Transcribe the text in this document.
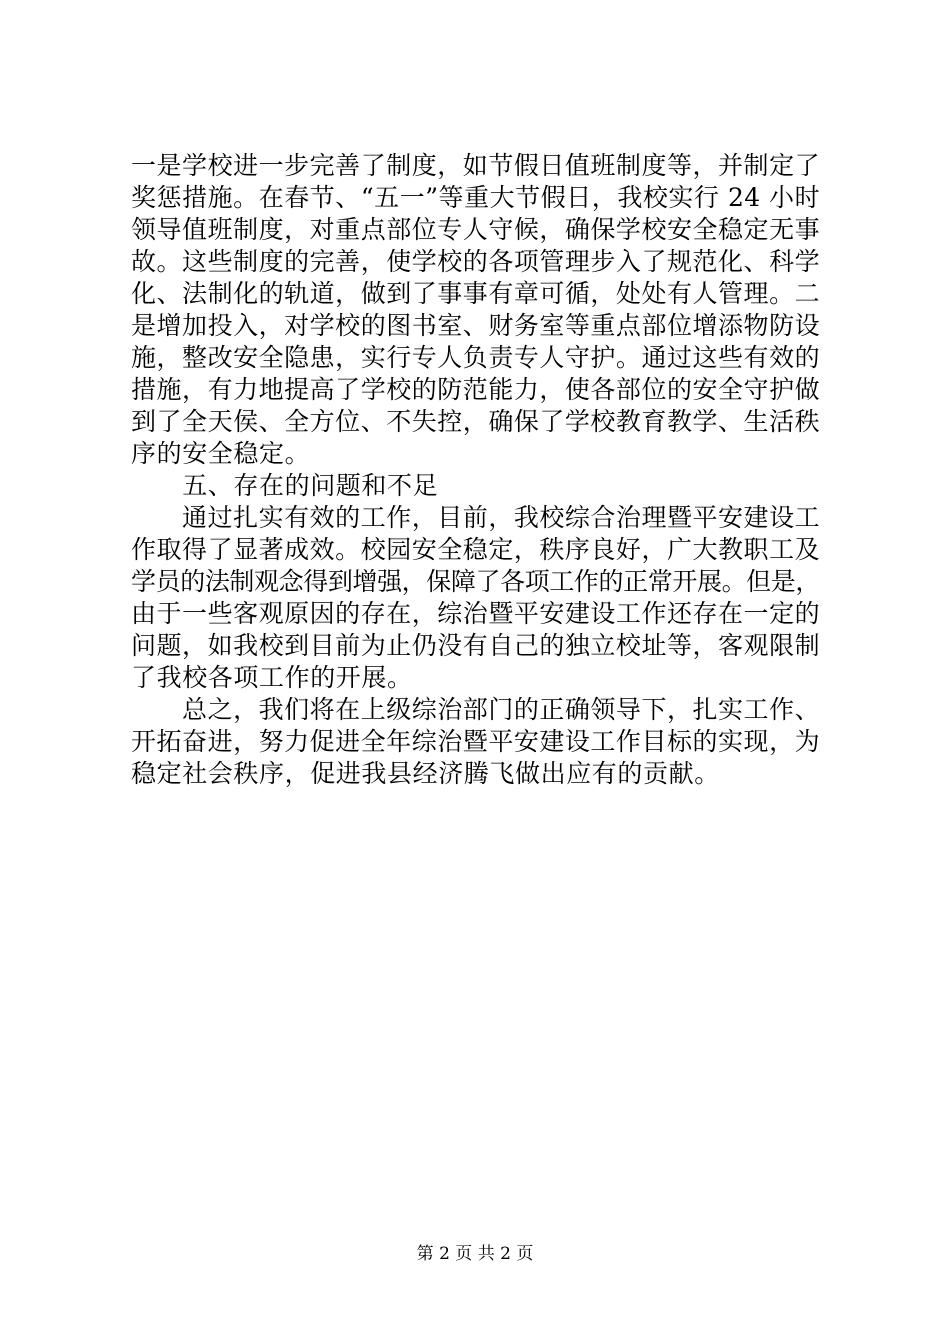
一是学校进一步完善了制度，如节假日值班制度等，并制定了
奖惩措施。在春节、“五一”等重大节假日，我校实行 24 小时
领导值班制度，对重点部位专人守候，确保学校安全稳定无事
故。这些制度的完善，使学校的各项管理步入了规范化、科学
化、法制化的轨道，做到了事事有章可循，处处有人管理。二
是增加投入，对学校的图书室、财务室等重点部位增添物防设
施，整改安全隐患，实行专人负责专人守护。通过这些有效的
措施，有力地提高了学校的防范能力，使各部位的安全守护做
到了全天侯、全方位、不失控，确保了学校教育教学、生活秩
序的安全稳定。
　　五、存在的问题和不足
　　通过扎实有效的工作，目前，我校综合治理暨平安建设工
作取得了显著成效。校园安全稳定，秩序良好，广大教职工及
学员的法制观念得到增强，保障了各项工作的正常开展。但是，
由于一些客观原因的存在，综治暨平安建设工作还存在一定的
问题，如我校到目前为止仍没有自己的独立校址等，客观限制
了我校各项工作的开展。
　　总之，我们将在上级综治部门的正确领导下，扎实工作、
开拓奋进，努力促进全年综治暨平安建设工作目标的实现，为
稳定社会秩序，促进我县经济腾飞做出应有的贡献。
第 2 页 共 2 页
